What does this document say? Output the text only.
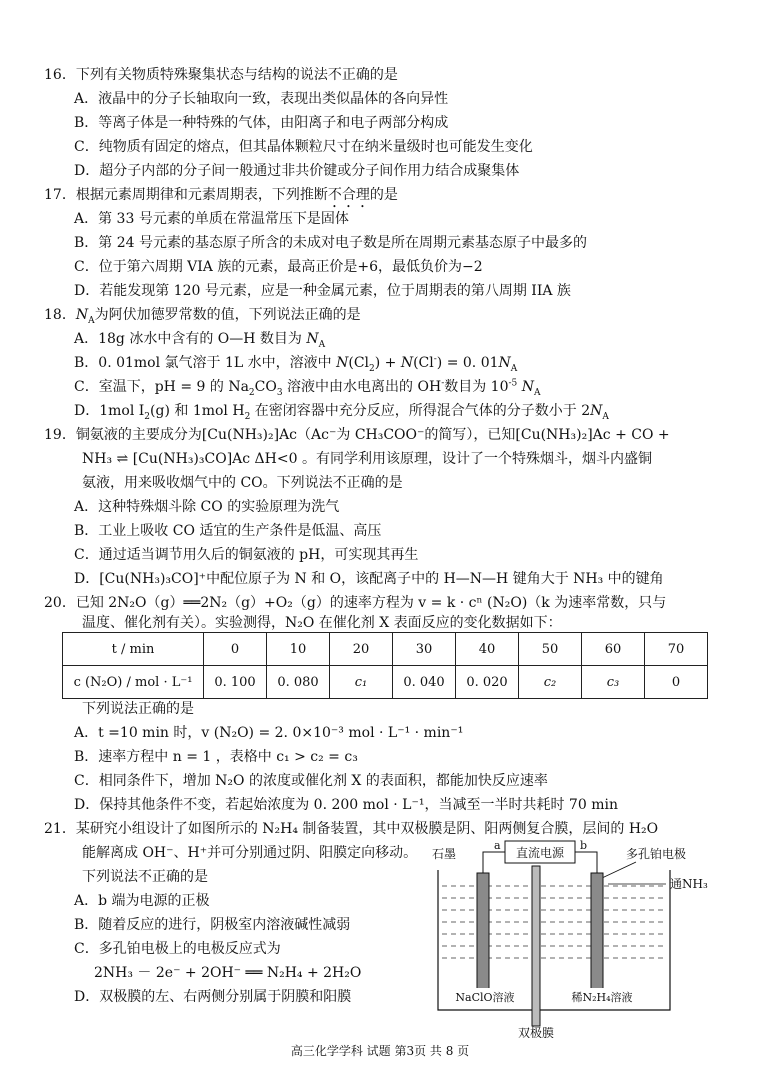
16．下列有关物质特殊聚集状态与结构的说法不正确的是
A．液晶中的分子长轴取向一致，表现出类似晶体的各向异性
B．等离子体是一种特殊的气体，由阳离子和电子两部分构成
C．纯物质有固定的熔点，但其晶体颗粒尺寸在纳米量级时也可能发生变化
D．超分子内部的分子间一般通过非共价键或分子间作用力结合成聚集体
17．根据元素周期律和元素周期表，下列推断不合理的是
A．第 33 号元素的单质在常温常压下是固体
B．第 24 号元素的基态原子所含的未成对电子数是所在周期元素基态原子中最多的
C．位于第六周期 VIA 族的元素，最高正价是+6，最低负价为−2
D．若能发现第 120 号元素，应是一种金属元素，位于周期表的第八周期 IIA 族
18．$N_A$为阿伏加德罗常数的值，下列说法正确的是
A．18g 冰水中含有的 O—H 数目为 $N_A$
B．0. 01mol 氯气溶于 1L 水中，溶液中 $N(Cl_2) + N(Cl^-) = 0$. $01N_A$
C．室温下，pH = 9 的 $Na_2CO_3$ 溶液中由水电离出的 OH-数目为 $10^{-5}$ $N_A$
D．1mol $I_2(g)$ 和 1mol $H_2$ 在密闭容器中充分反应，所得混合气体的分子数小于 $2N_A$
19．铜氨液的主要成分为[Cu(NH₃)₂]Ac（Ac⁻为 CH₃COO⁻的简写），已知[Cu(NH₃)₂]Ac + CO +
NH₃ ⇌ [Cu(NH₃)₃CO]Ac ΔH<0 。有同学利用该原理，设计了一个特殊烟斗，烟斗内盛铜
氨液，用来吸收烟气中的 CO。下列说法不正确的是
A．这种特殊烟斗除 CO 的实验原理为洗气
B．工业上吸收 CO 适宜的生产条件是低温、高压
C．通过适当调节用久后的铜氨液的 pH，可实现其再生
D．[Cu(NH₃)₃CO]⁺中配位原子为 N 和 O，该配离子中的 H—N—H 键角大于 NH₃ 中的键角
20．已知 2N₂O（g）══2N₂（g）+O₂（g）的速率方程为 v = k · cⁿ (N₂O)（k 为速率常数，只与
温度、催化剂有关）。实验测得，N₂O 在催化剂 X 表面反应的变化数据如下：
t / min	0	10	20	30	40	50	60	70
c (N₂O) / mol · L⁻¹	0. 100	0. 080	c₁	0. 040	0. 020	c₂	c₃	0
下列说法正确的是
A．t =10 min 时，v (N₂O) = 2. 0×10⁻³ mol · L⁻¹ · min⁻¹
B．速率方程中 n = 1 ，表格中 c₁ > c₂ = c₃
C．相同条件下，增加 N₂O 的浓度或催化剂 X 的表面积，都能加快反应速率
D．保持其他条件不变，若起始浓度为 0. 200 mol · L⁻¹，当减至一半时共耗时 70 min
21．某研究小组设计了如图所示的 N₂H₄ 制备装置，其中双极膜是阴、阳两侧复合膜，层间的 H₂O
能解离成 OH⁻、H⁺并可分别通过阴、阳膜定向移动。
下列说法不正确的是
A．b 端为电源的正极
B．随着反应的进行，阴极室内溶液碱性减弱
C．多孔铂电极上的电极反应式为
2NH₃ － 2e⁻ + 2OH⁻ ══ N₂H₄ + 2H₂O
D．双极膜的左、右两侧分别属于阴膜和阳膜
直流电源
a	b
石墨	多孔铂电极
通NH₃
NaClO溶液	稀N₂H₄溶液
双极膜
高三化学学科 试题 第3页 共 8 页
